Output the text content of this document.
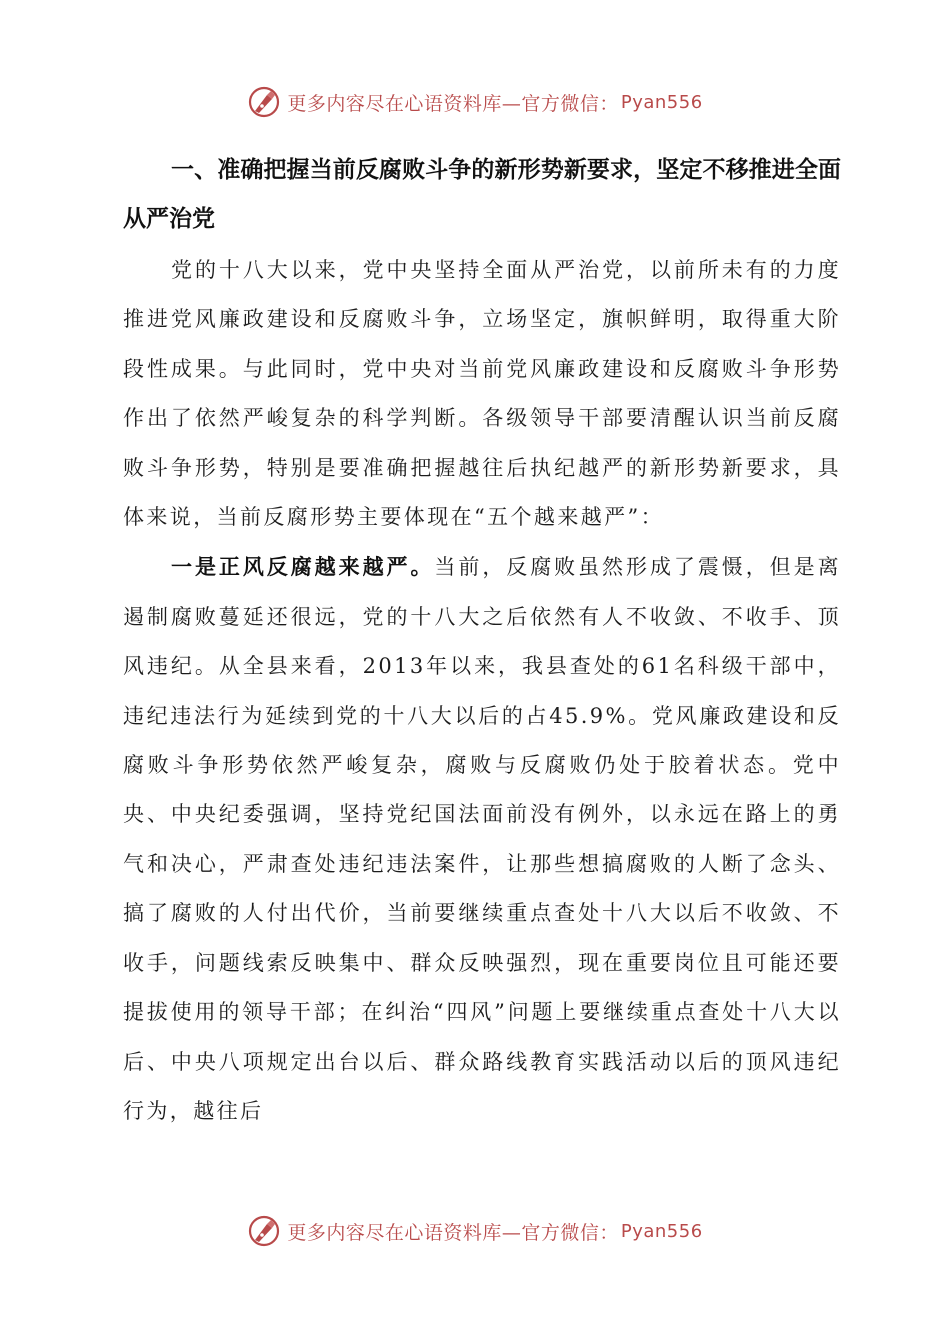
更多内容尽在心语资料库—官方微信： Pyan556

一、准确把握当前反腐败斗争的新形势新要求，坚定不移推进全面从严治党

党的十八大以来，党中央坚持全面从严治党，以前所未有的力度推进党风廉政建设和反腐败斗争，立场坚定，旗帜鲜明，取得重大阶段性成果。与此同时，党中央对当前党风廉政建设和反腐败斗争形势作出了依然严峻复杂的科学判断。各级领导干部要清醒认识当前反腐败斗争形势，特别是要准确把握越往后执纪越严的新形势新要求，具体来说，当前反腐形势主要体现在“五个越来越严”：

一是正风反腐越来越严。当前，反腐败虽然形成了震慑，但是离遏制腐败蔓延还很远，党的十八大之后依然有人不收敛、不收手、顶风违纪。从全县来看，2013年以来，我县查处的61名科级干部中，违纪违法行为延续到党的十八大以后的占45.9%。党风廉政建设和反腐败斗争形势依然严峻复杂，腐败与反腐败仍处于胶着状态。党中央、中央纪委强调，坚持党纪国法面前没有例外，以永远在路上的勇气和决心，严肃查处违纪违法案件，让那些想搞腐败的人断了念头、搞了腐败的人付出代价，当前要继续重点查处十八大以后不收敛、不收手，问题线索反映集中、群众反映强烈，现在重要岗位且可能还要提拔使用的领导干部；在纠治“四风”问题上要继续重点查处十八大以后、中央八项规定出台以后、群众路线教育实践活动以后的顶风违纪行为，越往后

更多内容尽在心语资料库—官方微信： Pyan556
